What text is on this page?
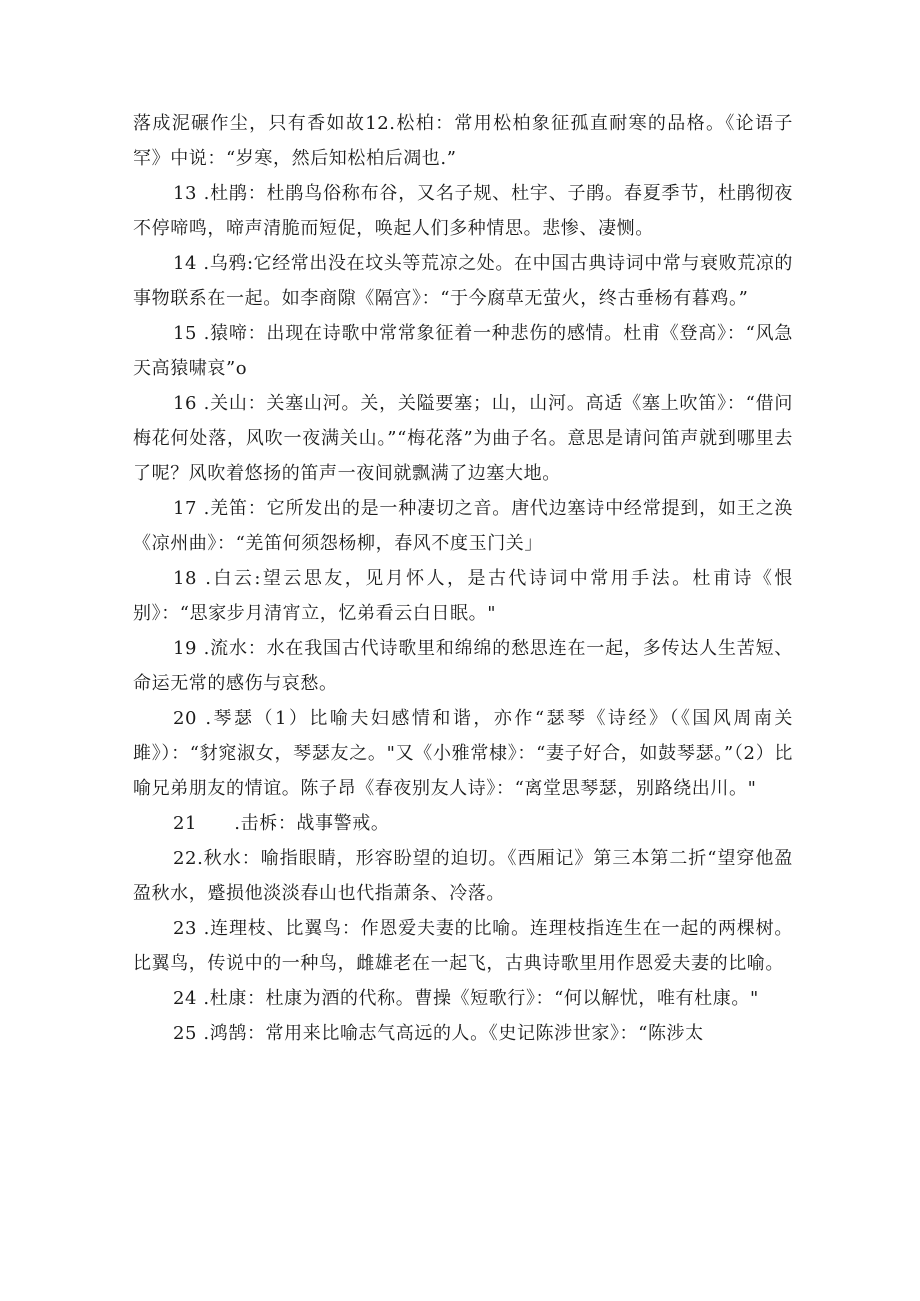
落成泥碾作尘，只有香如故12.松柏：常用松柏象征孤直耐寒的品格。《论语子罕》中说：“岁寒，然后知松柏后凋也.”

13 .杜鹃：杜鹃鸟俗称布谷，又名子规、杜宇、子鹃。春夏季节，杜鹃彻夜不停啼鸣，啼声清脆而短促，唤起人们多种情思。悲惨、凄恻。

14 .乌鸦:它经常出没在坟头等荒凉之处。在中国古典诗词中常与衰败荒凉的事物联系在一起。如李商隙《隔宫》：“于今腐草无萤火，终古垂杨有暮鸡。”

15 .猿啼：出现在诗歌中常常象征着一种悲伤的感情。杜甫《登高》：“风急天高猿啸哀”o

16 .关山：关塞山河。关，关隘要塞；山，山河。高适《塞上吹笛》：“借问梅花何处落，风吹一夜满关山。”“梅花落”为曲子名。意思是请问笛声就到哪里去了呢？风吹着悠扬的笛声一夜间就飘满了边塞大地。

17 .羌笛：它所发出的是一种凄切之音。唐代边塞诗中经常提到，如王之涣《凉州曲》：“羌笛何须怨杨柳，春风不度玉门关」

18 .白云:望云思友，见月怀人，是古代诗词中常用手法。杜甫诗《恨别》：“思家步月清宵立，忆弟看云白日眠。"

19 .流水：水在我国古代诗歌里和绵绵的愁思连在一起，多传达人生苦短、命运无常的感伤与哀愁。

20 .琴瑟（1）比喻夫妇感情和谐，亦作“瑟琴《诗经》（《国风周南关雎》）：“豺窕淑女，琴瑟友之。"又《小雅常棣》：“妻子好合，如鼓琴瑟。”（2）比喻兄弟朋友的情谊。陈子昂《春夜别友人诗》：“离堂思琴瑟，别路绕出川。"

21　　.击柝：战事警戒。

22.秋水：喻指眼睛，形容盼望的迫切。《西厢记》第三本第二折“望穿他盈盈秋水，蹙损他淡淡春山也代指萧条、冷落。

23 .连理枝、比翼鸟：作恩爱夫妻的比喻。连理枝指连生在一起的两棵树。比翼鸟，传说中的一种鸟，雌雄老在一起飞，古典诗歌里用作恩爱夫妻的比喻。

24 .杜康：杜康为酒的代称。曹操《短歌行》：“何以解忧，唯有杜康。"

25 .鸿鹄：常用来比喻志气高远的人。《史记陈涉世家》：“陈涉太
